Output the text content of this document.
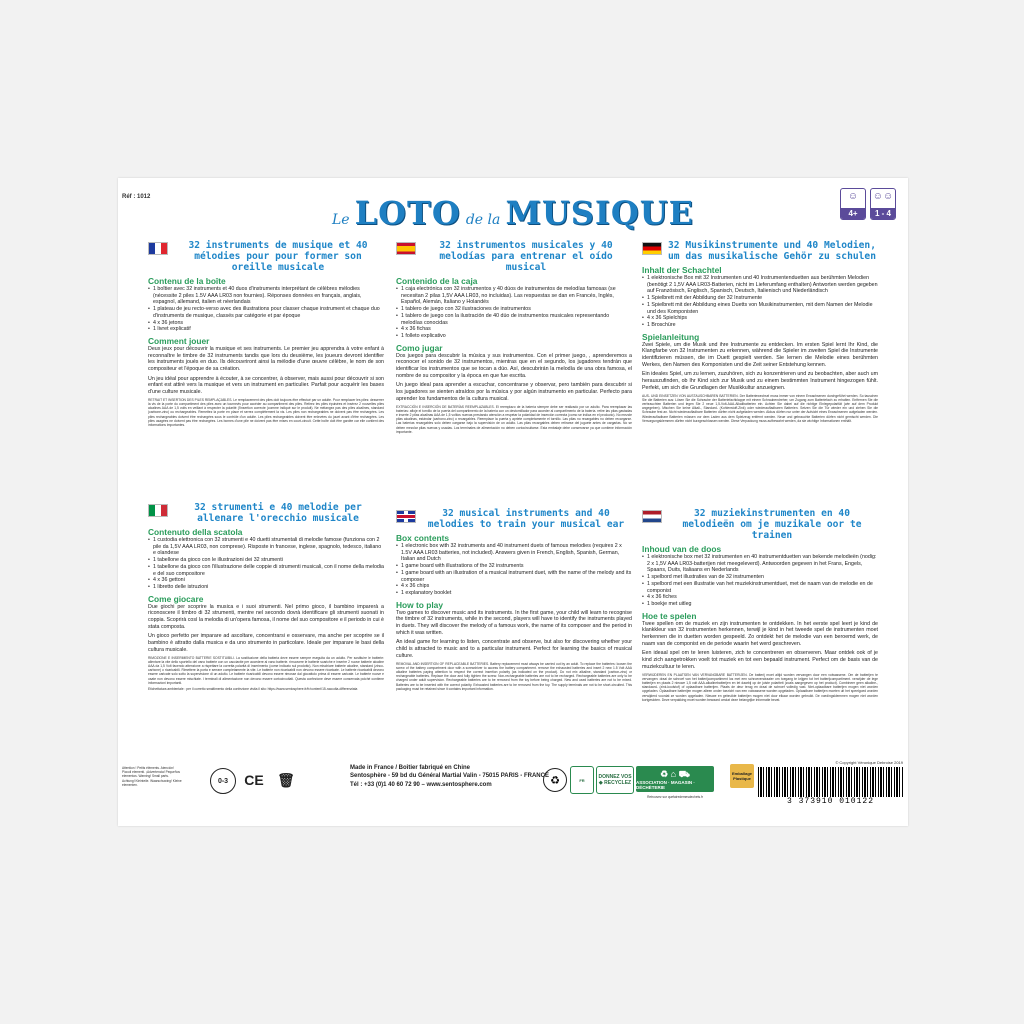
Réf : 1012
Le LOTO de la MUSIQUE	☺
4+
☺☺
1 - 4
32 instruments de musique et 40 mélodies pour pour former son oreille musicale
Contenu de la boîte
• 1 boîtier avec 32 instruments et 40 duos d'instruments interprétant de célèbres mélodies (nécessite 2 piles 1.5V AAA LR03 non fournies). Réponses données en français, anglais, espagnol, allemand, italien et néerlandais
• 1 plateau de jeu recto-verso avec des illustrations pour classer chaque instrument et chaque duo d'instruments de musique, classés par catégorie et par époque
• 4 x 36 jetons
• 1 livret explicatif
Comment jouer
Deux jeux pour découvrir la musique et ses instruments. Le premier jeu apprendra à votre enfant à reconnaître le timbre de 32 instruments tandis que lors du deuxième, les joueurs devront identifier les instruments joués en duo. Ils découvriront ainsi la mélodie d'une œuvre célèbre, le nom de son compositeur et l'époque de sa création.
Un jeu idéal pour apprendre à écouter, à se concentrer, à observer, mais aussi pour découvrir si son enfant est attiré vers la musique et vers un instrument en particulier. Parfait pour acquérir les bases d'une culture musicale.
RETRAIT ET INSERTION DES PILES REMPLAÇABLES. Le remplacement des piles doit toujours être effectué par un adulte. Pour remplacer les piles: desserrer la vis de la porte du compartiment des piles avec un tournevis pour accéder au compartiment des piles. Retirez les piles épuisées et insérez 2 nouvelles piles alcalines AAA de 1,5 volts en veillant à respecter la polarité (l'insertion correcte (comme indiqué sur le produit). Ne mélangez pas des piles alcalines, standard (carbone-zinc) ou rechargeables. Remettez la porte en place et serrez complètement la vis. Les piles non rechargeables ne doivent pas être rechargées. Les piles rechargeables doivent être rechargées sous le contrôle d'un adulte. Les piles rechargeables doivent être enlevées du jouet avant d'être rechargées. Les piles usagées ne doivent pas être rechargées. Les bornes d'une pile ne doivent pas être mises en court-circuit. Cette boîte doit être gardée car elle contient des informations importantes.
32 strumenti e 40 melodie per allenare l'orecchio musicale
Contenuto della scatola
• 1 custodia elettronica con 32 strumenti e 40 duetti strumentali di melodie famose (funziona con 2 pile da 1,5V AAA LR03, non comprese). Risposte in francese, inglese, spagnolo, tedesco, italiano e olandese
• 1 tabellone da gioco con le illustrazioni dei 32 strumenti
• 1 tabellone da gioco con l'illustrazione delle coppie di strumenti musicali, con il nome della melodia e del suo compositore
• 4 x 36 gettoni
• 1 libretto delle istruzioni
Come giocare
Due giochi per scoprire la musica e i suoi strumenti. Nel primo gioco, il bambino imparerà a riconoscere il timbro di 32 strumenti, mentre nel secondo dovrà identificare gli strumenti suonati in coppia. Scoprirà così la melodia di un'opera famosa, il nome del suo compositore e il periodo in cui è stata composta.
Un gioco perfetto per imparare ad ascoltare, concentrarsi e osservare, ma anche per scoprire se il bambino è attratto dalla musica e da uno strumento in particolare. Ideale per imparare le basi della cultura musicale.
RIMOZIONE E INSERIMENTO BATTERIE SOSTITUIBILI. La sostituzione della batteria deve essere sempre eseguita da un adulto. Per sostituire le batterie: allentare la vite dello sportello del vano batterie con un cacciavite per accedere al vano batterie. rimuovere le batterie scariche e inserire 2 nuove batterie alcaline AAA da 1,5 Volt facendo attenzione a rispettare la corretta polarità di inserimento (come indicato sul prodotto). Non mischiare batterie alcaline, standard (zinco-carbone) o ricaricabili. Rimettere la porta e serrare completamente la vite. Le batterie non ricaricabili non devono essere ricaricate. Le batterie ricaricabili devono essere caricate solo sotto la supervisione di un adulto. Le batterie ricaricabili devono essere rimosse dal giocattolo prima di essere caricate. Le batterie nuove e usate non devono essere mischiate. I terminali di alimentazione non devono essere cortocircuitati. Questa confezione deve essere conservata poiché contiene informazioni importanti.
Etichettatura ambientale : per il corretto smaltimento della confezione visita il sito: https://www.sentosphere.fr/fr/content/15-raccolta-differenziata
32 instrumentos musicales y 40 melodías para entrenar el oído musical
Contenido de la caja
• 1 caja electrónica con 32 instrumentos y 40 dúos de instrumentos de melodías famosas (se necesitan 2 pilas 1,5V AAA LR03, no incluidas). Las respuestas se dan en Francés, Inglés, Español, Alemán, Italiano y Holandés
• 1 tablero de juego con 32 ilustraciones de instrumentos
• 1 tablero de juego con la ilustración de 40 dúo de instrumentos musicales representando melodías conocidas
• 4 x 36 fichas
• 1 folleto explicativo
Como jugar
Dos juegos para descubrir la música y sus instrumentos. Con el primer juego, , aprenderemos a reconocer el sonido de 32 instrumentos, mientras que en el segundo, los jugadores tendrán que identificar los instrumentos que se tocan a dúo. Así, descubrirán la melodía de una obra famosa, el nombre de su compositor y la época en que fue escrita.
Un juego ideal para aprender a escuchar, concentrarse y observar, pero también para descubrir si los jugadores se sienten atraídos por la música y por algún instrumento en particular. Perfecto para aprender los fundamentos de la cultura musical.
EXTRACCIÓN E INSERCIÓN DE BATERÍAS REEMPLAZABLES. El reemplazo de la batería siempre debe ser realizado por un adulto. Para reemplazar las baterías: afloje el tornillo de la puerta del compartimento de la batería con un destornillador para acceder al compartimento de la batería. retire las pilas gastadas e inserte 2 pilas alcalinas AAA de 1,5 voltios nuevas prestando atención a respetar la polaridad de inserción correcta (como se indica en el producto). No mezcle pilas alcalinas, estándar (carbono-zinc) o recargables. Reemplace la puerta y apriete completamente el tornillo. Las pilas no recargables no deben recargarse. Las baterías recargables solo deben cargarse bajo la supervisión de un adulto. Las pilas recargables deben retirarse del juguete antes de cargarlas. No se deben mezclar pilas nuevas y usadas. Los terminales de alimentación no deben cortocircuitarse. Esta embalaje debe conservarse ya que contiene información importante.
32 musical instruments and 40 melodies to train your musical ear
Box contents
• 1 electronic box with 32 instruments and 40 instrument duets of famous melodies (requires 2 x 1.5V AAA LR03 batteries, not included). Answers given in French, English, Spanish, German, Italian and Dutch
• 1 game board with illustrations of the 32 instruments
• 1 game board with an illustration of a musical instrument duet, with the name of the melody and its composer
• 4 x 36 chips
• 1 explanatory booklet
How to play
Two games to discover music and its instruments. In the first game, your child will learn to recognise the timbre of 32 instruments, while in the second, players will have to identify the instruments played in duets. They will discover the melody of a famous work, the name of its composer and the period in which it was written.
An ideal game for learning to listen, concentrate and observe, but also for discovering whether your child is attracted to music and to a particular instrument. Perfect for learning the basics of musical culture.
REMOVAL AND INSERTION OF REPLACEABLE BATTERIES. Battery replacement must always be carried out by an adult. To replace the batteries: loosen the screw of the battery compartment door with a screwdriver to access the battery compartment. remove the exhausted batteries and insert 2 new 1.5 Volt AAA alkaline batteries paying attention to respect the correct insertion polarity (as indicated on the product). Do not mix alkaline, standard (carbon-zinc) or rechargeable batteries. Replace the door and fully tighten the screw. Non-rechargeable batteries are not to be recharged. Rechargeable batteries are only to be charged under adult supervision. Rechargeable batteries are to be removed from the toy before being charged. New and used batteries are not to be mixed. Batteries are to be inserted with the correct polarity. Exhausted batteries are to be removed from the toy. The supply terminals are not to be short-circuited. This packaging must be retained since it contains important information.
32 Musikinstrumente und 40 Melodien, um das musikalische Gehör zu schulen
Inhalt der Schachtel
• 1 elektronische Box mit 32 Instrumenten und 40 Instrumentenduetten aus berühmten Melodien (benötigt 2 1,5V AAA LR03-Batterien, nicht im Lieferumfang enthalten) Antworten werden gegeben auf Französisch, Englisch, Spanisch, Deutsch, Italienisch und Niederländisch
• 1 Spielbrett mit der Abbildung der 32 Instrumente
• 1 Spielbrett mit der Abbildung eines Duetts von Musikinstrumenten, mit dem Namen der Melodie und des Komponisten
• 4 x 36 Spielchips
• 1 Broschüre
Spielanleitung
Zwei Spiele, um die Musik und ihre Instrumente zu entdecken. Im ersten Spiel lernt Ihr Kind, die Klangfarbe von 32 Instrumenten zu erkennen, während die Spieler im zweiten Spiel die Instrumente identifizieren müssen, die im Duett gespielt werden. Sie lernen die Melodie eines berühmten Werkes, den Namen des Komponisten und die Zeit seiner Entstehung kennen.
Ein ideales Spiel, um zu lernen, zuzuhören, sich zu konzentrieren und zu beobachten, aber auch um herauszufinden, ob Ihr Kind sich zur Musik und zu einem bestimmten Instrument hingezogen fühlt. Perfekt, um sich die Grundlagen der Musikkultur anzueignen.
AUS- UND EINSETZEN VON AUSTAUSCHBAREN BATTERIEN. Der Batteriewechsel muss immer von einem Erwachsenen durchgeführt werden. So tauschen Sie die Batterien aus: Lösen Sie die Schraube der Batteriefachklappe mit einem Schraubendreher, um Zugang zum Batteriefach zu erhalten. Entfernen Sie die verbrauchten Batterien und legen Sie 2 neue 1,5-Volt-AAA-Alkalibatterien ein. Achten Sie dabei auf die richtige Einlegepolarität (wie auf dem Produkt angegeben). Mischen Sie keine Alkali-, Standard- (Kohlenstoff-Zink) oder wiederaufladbaren Batterien. Setzen Sie die Tür wieder ein und ziehen Sie die Schraube fest an. Nicht wiederaufladbare Batterien dürfen nicht aufgeladen werden. Akkus dürfen nur unter der Aufsicht eines Erwachsenen aufgeladen werden. Wiederaufladbare Batterien müssen vor dem Laden aus dem Spielzeug entfernt werden. Neue und gebrauchte Batterien dürfen nicht gemischt werden. Die Versorgungsklemmen dürfen nicht kurzgeschlossen werden. Diese Verpackung muss aufbewahrt werden, da sie wichtige Informationen enthält.
32 muziekinstrumenten en 40 melodieën om je muzikale oor te trainen
Inhoud van de doos
• 1 elektronische box met 32 instrumenten en 40 instrumentduetten van bekende melodieën (nodig: 2 x 1,5V AAA LR03-batterijen niet meegeleverd). Antwoorden gegeven in het Frans, Engels, Spaans, Duits, Italiaans en Nederlands
• 1 spelbord met illustraties van de 32 instrumenten
• 1 spelbord met een illustratie van het muziekinstrumentduet, met de naam van de melodie en de componist
• 4 x 36 fiches
• 1 boekje met uitleg
Hoe te spelen
Twee spellen om de muziek en zijn instrumenten te ontdekken. In het eerste spel leert je kind de klankkleur van 32 instrumenten herkennen, terwijl je kind in het tweede spel de instrumenten moet herkennen die in duetten worden gespeeld. Zo ontdekt het de melodie van een beroemd werk, de naam van de componist en de periode waarin het werd geschreven.
Een ideaal spel om te leren luisteren, zich te concentreren en observeren. Maar ontdek ook of je kind zich aangetrokken voelt tot muziek en tot een bepaald instrument. Perfect om de basis van de muziekcultuur te leren.
VERWIJDEREN EN PLAATSEN VAN VERVANGBARE BATTERIJEN. De batterij moet altijd worden vervangen door een volwassene. Om de batterijen te vervangen: draai de schroef van het batterijcompartiment los met een schroevendraaier om toegang te krijgen tot het batterijcompartiment. verwijder de lege batterijen en plaats 2 nieuwe 1,5 volt AAA-alkalinebatterijen en let daarbij op de juiste polariteit (zoals aangegeven op het product). Combineer geen alkaline-, standaard- (zink-koolstof) of oplaadbare batterijen. Plaats de deur terug en draai de schroef volledig vast. Niet-oplaadbare batterijen mogen niet worden opgeladen. Oplaadbare batterijen mogen alleen onder toezicht van een volwassene worden opgeladen. Oplaadbare batterijen moeten uit het speelgoed worden verwijderd voordat ze worden opgeladen. Nieuwe en gebruikte batterijen mogen niet door elkaar worden gebruikt. De voedingsklemmen mogen niet worden kortgesloten. Deze verpakking moet worden bewaard omdat deze belangrijke informatie bevat.
Attention ! Petits éléments. Atención! Piccoli elementi. ¡Advertencia! Pequeños elementos. Warning! Small parts. Achtung! Kleinteile. Waarschuwing! Kleine elementen.
0-3 CE 🗑
Made in France / Boîtier fabriqué en Chine
Sentosphère - 59 bd du Général Martial Valin - 75015 PARIS - FRANCE
Tél : +33 (0)1 40 60 72 90 – www.sentosphere.com	♻	FR	DONNEZ VOS ◆ RECYCLEZ
♻ ⌂ ⛟
ASSOCIATION · MAGASIN · DÉCHÈTERIE
Retrouvez sur quefairedemesdechets.fr
Emballage Plastique
© Copyright Véronique Debroise 2019
3 373910 010122
